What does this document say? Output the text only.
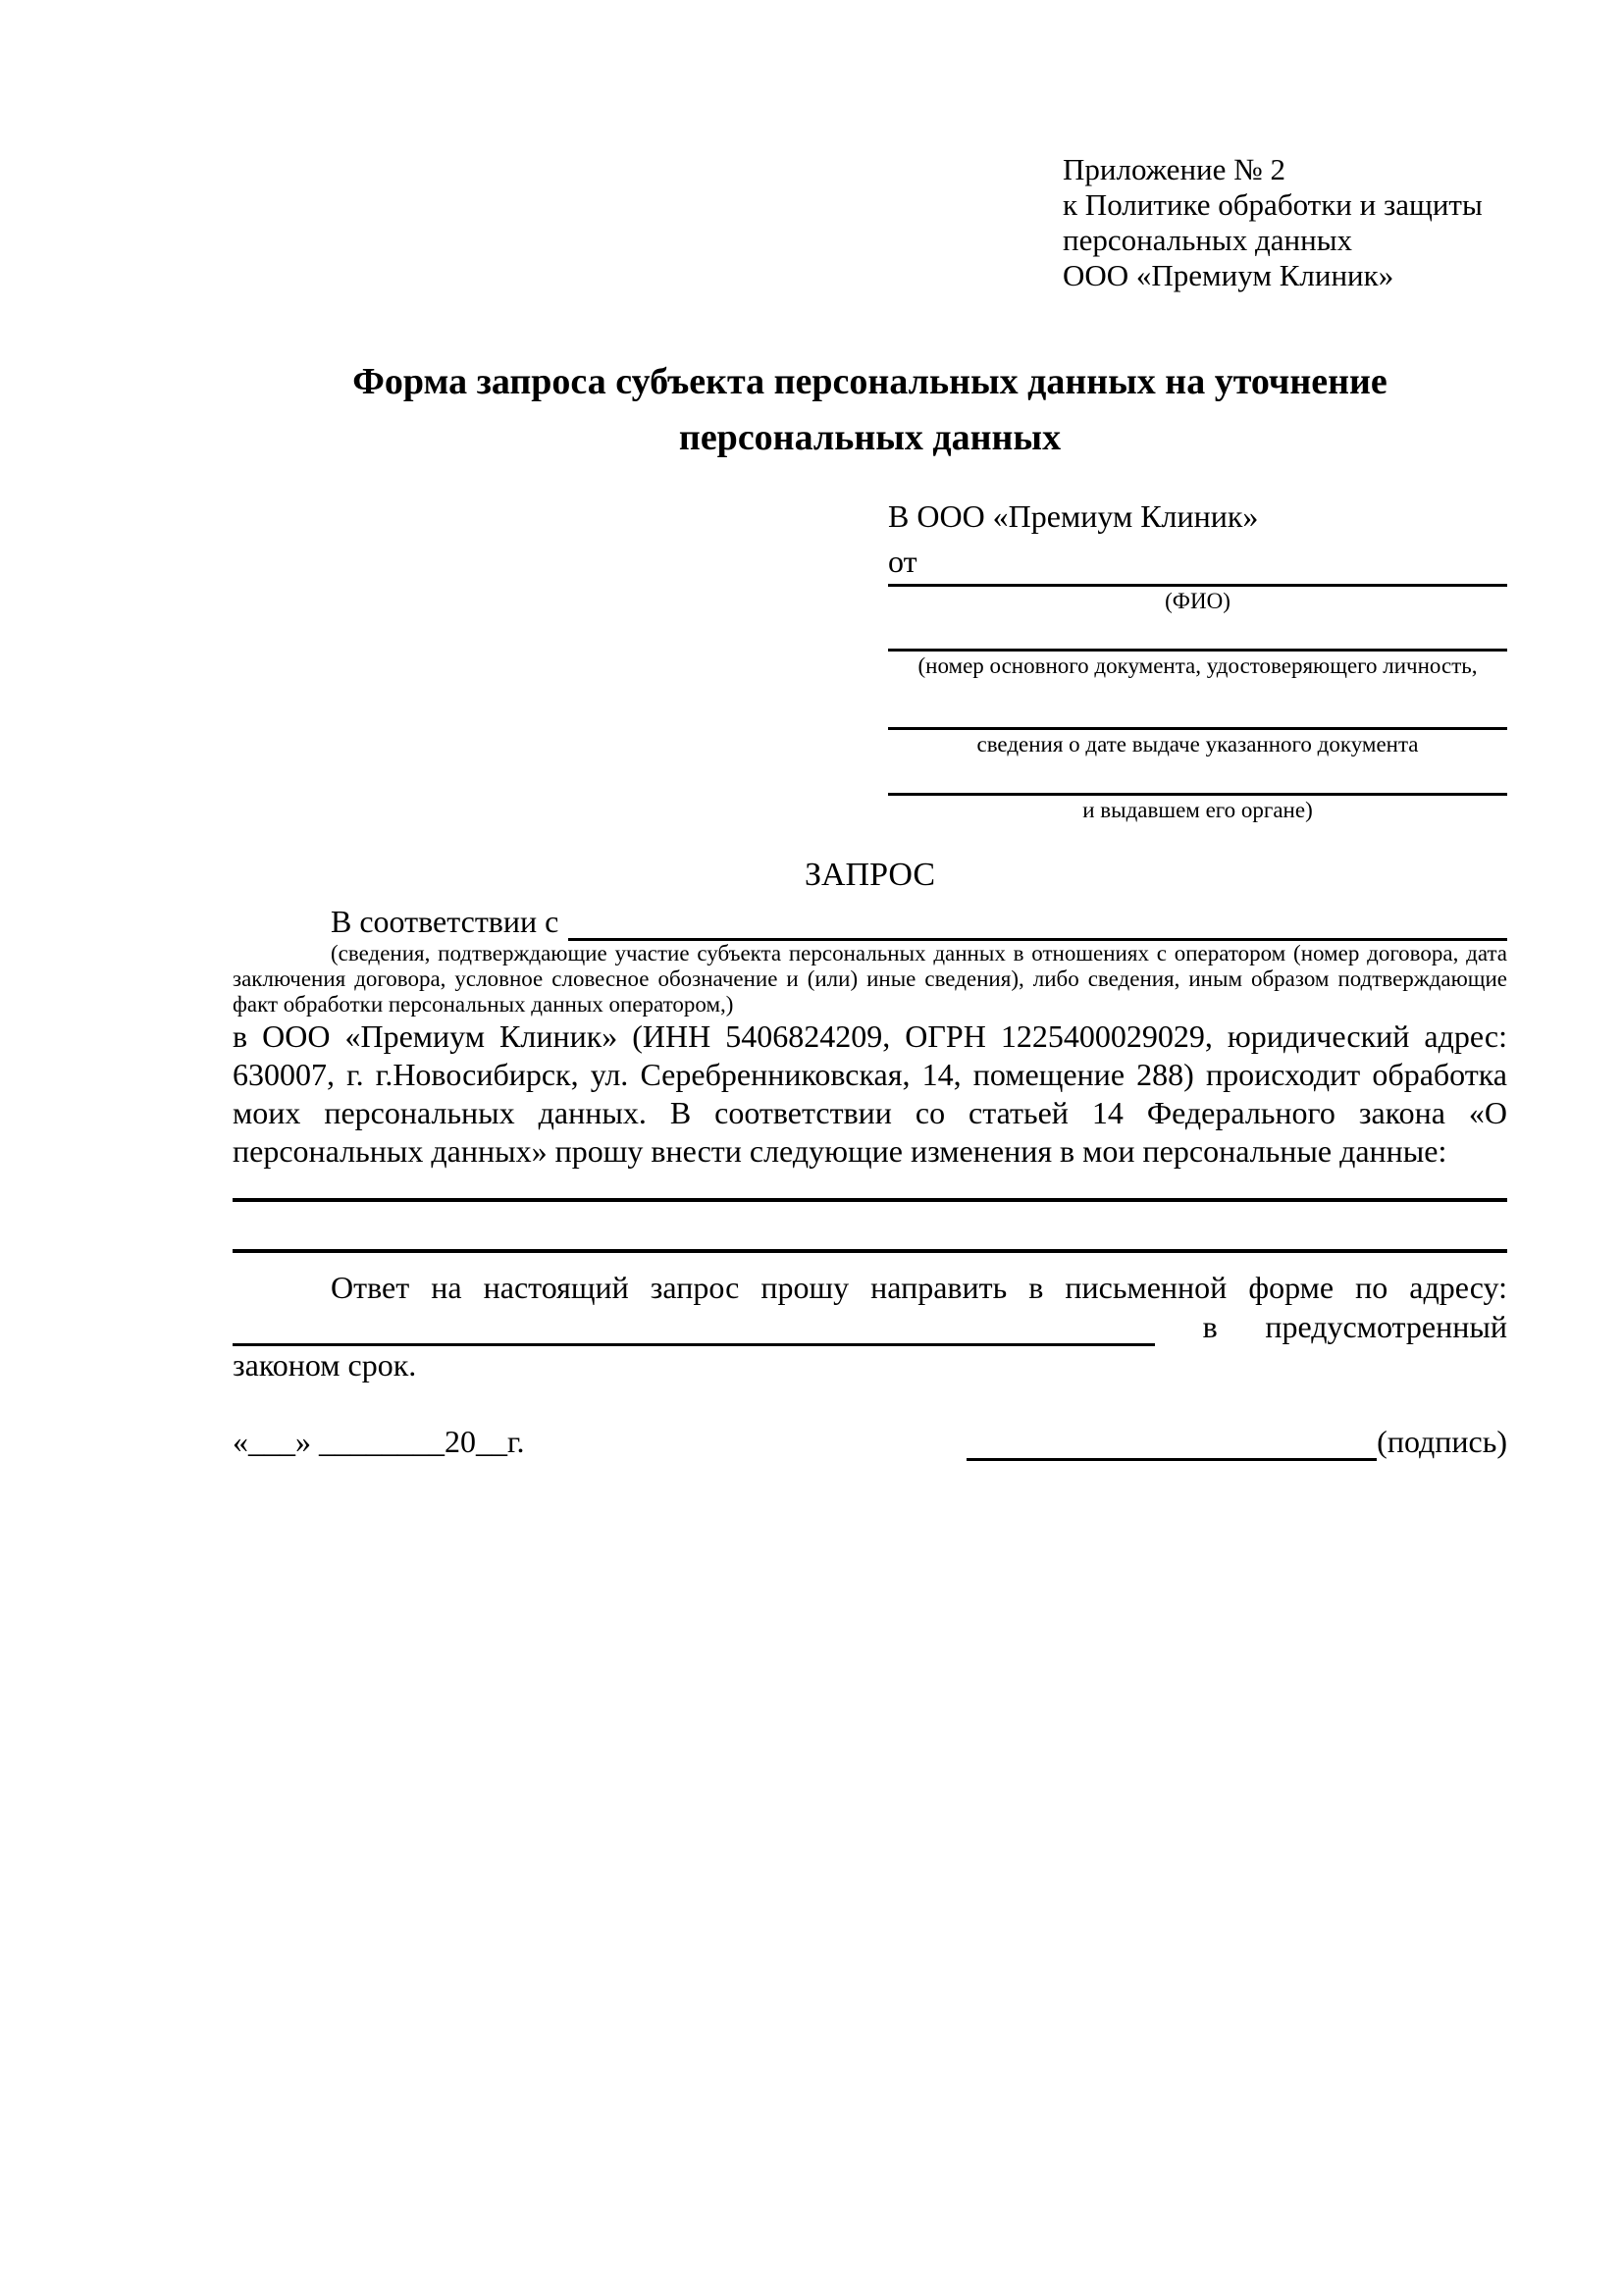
Приложение № 2
к Политике обработки и защиты
персональных данных
ООО «Премиум Клиник»
Форма запроса субъекта персональных данных на уточнение персональных данных
В ООО «Премиум Клиник»
от
(ФИО)
(номер основного документа, удостоверяющего личность,
сведения о дате выдаче указанного документа
и выдавшем его органе)
ЗАПРОС
В соответствии с

(сведения, подтверждающие участие субъекта персональных данных в отношениях с оператором (номер договора, дата заключения договора, условное словесное обозначение и (или) иные сведения), либо сведения, иным образом подтверждающие факт обработки персональных данных оператором,)

в ООО «Премиум Клиник» (ИНН 5406824209, ОГРН 1225400029029, юридический адрес: 630007, г. г.Новосибирск, ул. Серебренниковская, 14, помещение 288) происходит обработка моих персональных данных. В соответствии со статьей 14 Федерального закона «О персональных данных» прошу внести следующие изменения в мои персональные данные:

Ответ на настоящий запрос прошу направить в письменной форме по адресу:

в предусмотренный

законом срок.

«___» ________20__г.	(подпись)
